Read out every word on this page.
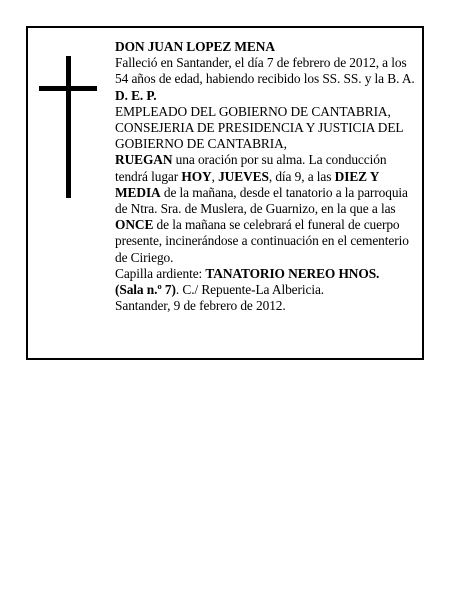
DON JUAN LOPEZ MENA

Falleció en Santander, el día 7 de febrero de 2012, a los 54 años de edad, habiendo recibido los SS. SS. y la B. A.

D. E. P.

EMPLEADO DEL GOBIERNO DE CANTABRIA, CONSEJERIA DE PRESIDENCIA Y JUSTICIA DEL GOBIERNO DE CANTABRIA,

RUEGAN una oración por su alma. La conducción tendrá lugar HOY, JUEVES, día 9, a las DIEZ Y MEDIA de la mañana, desde el tanatorio a la parroquia de Ntra. Sra. de Muslera, de Guarnizo, en la que a las ONCE de la mañana se celebrará el funeral de cuerpo presente, incinerándose a continuación en el cementerio de Ciriego.

Capilla ardiente: TANATORIO NEREO HNOS.
(Sala n.º 7). C./ Repuente-La Albericia.

Santander, 9 de febrero de 2012.
